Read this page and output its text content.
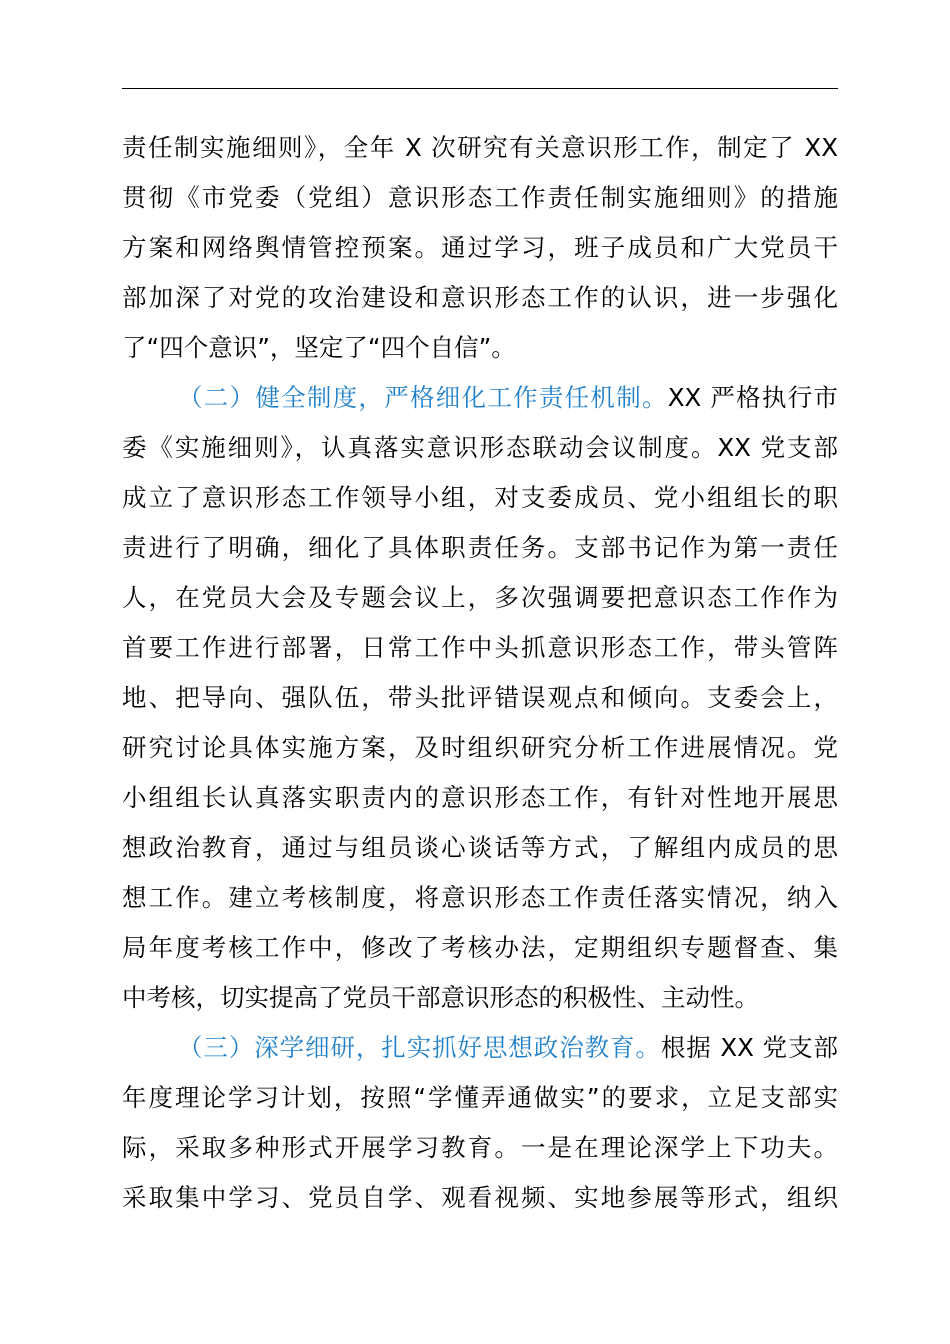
责任制实施细则》，全年 X 次研究有关意识形工作，制定了 XX
贯彻《市党委（党组）意识形态工作责任制实施细则》的措施
方案和网络舆情管控预案。通过学习，班子成员和广大党员干
部加深了对党的攻治建设和意识形态工作的认识，进一步强化
了“四个意识”，坚定了“四个自信”。
（二）健全制度，严格细化工作责任机制。XX 严格执行市
委《实施细则》，认真落实意识形态联动会议制度。XX 党支部
成立了意识形态工作领导小组，对支委成员、党小组组长的职
责进行了明确，细化了具体职责任务。支部书记作为第一责任
人，在党员大会及专题会议上，多次强调要把意识态工作作为
首要工作进行部署，日常工作中头抓意识形态工作，带头管阵
地、把导向、强队伍，带头批评错误观点和倾向。支委会上，
研究讨论具体实施方案，及时组织研究分析工作进展情况。党
小组组长认真落实职责内的意识形态工作，有针对性地开展思
想政治教育，通过与组员谈心谈话等方式，了解组内成员的思
想工作。建立考核制度，将意识形态工作责任落实情况，纳入
局年度考核工作中，修改了考核办法，定期组织专题督查、集
中考核，切实提高了党员干部意识形态的积极性、主动性。
（三）深学细研，扎实抓好思想政治教育。根据 XX 党支部
年度理论学习计划，按照“学懂弄通做实”的要求，立足支部实
际，采取多种形式开展学习教育。一是在理论深学上下功夫。
采取集中学习、党员自学、观看视频、实地参展等形式，组织
